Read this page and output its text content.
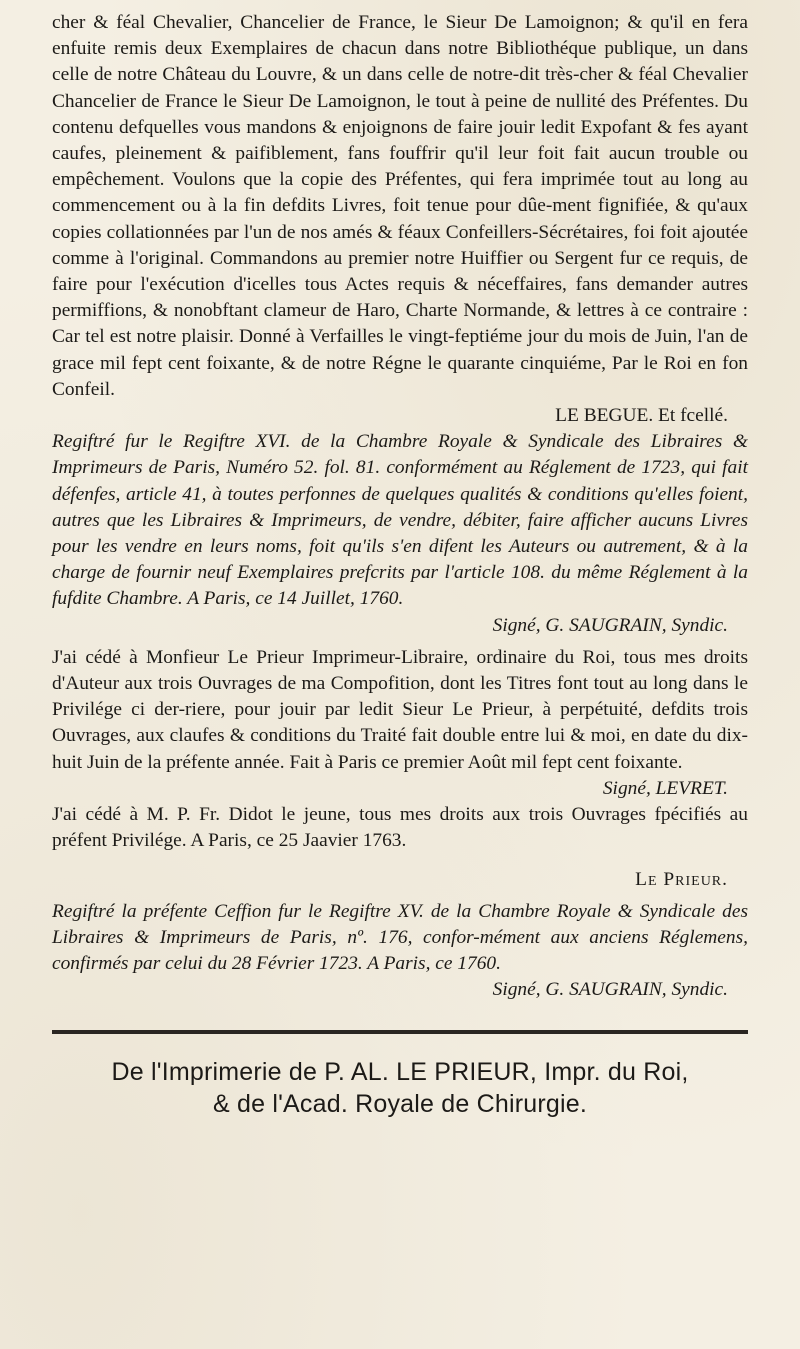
cher & féal Chevalier, Chancelier de France, le Sieur De Lamoignon; & qu'il en fera enfuite remis deux Exemplaires de chacun dans notre Bibliothéque publique, un dans celle de notre Château du Louvre, & un dans celle de notre-dit très-cher & féal Chevalier Chancelier de France le Sieur De Lamoignon, le tout à peine de nullité des Préfentes. Du contenu defquelles vous mandons & enjoignons de faire jouir ledit Expofant & fes ayant caufes, pleinement & paifiblement, fans fouffrir qu'il leur foit fait aucun trouble ou empêchement. Voulons que la copie des Préfentes, qui fera imprimée tout au long au commencement ou à la fin defdits Livres, foit tenue pour dûe-ment fignifiée, & qu'aux copies collationnées par l'un de nos amés & féaux Confeillers-Sécrétaires, foi foit ajoutée comme à l'original. Commandons au premier notre Huiffier ou Sergent fur ce requis, de faire pour l'exécution d'icelles tous Actes requis & néceffaires, fans demander autres permiffions, & nonobftant clameur de Haro, Charte Normande, & lettres à ce contraire : Car tel est notre plaisir. Donné à Verfailles le vingt-feptiéme jour du mois de Juin, l'an de grace mil fept cent foixante, & de notre Régne le quarante cinquiéme, Par le Roi en fon Confeil.

LE BEGUE. Et fcellé.

Regiftré fur le Regiftre XVI. de la Chambre Royale & Syndicale des Libraires & Imprimeurs de Paris, Numéro 52. fol. 81. conformément au Réglement de 1723, qui fait défenfes, article 41, à toutes perfonnes de quelques qualités & conditions qu'elles foient, autres que les Libraires & Imprimeurs, de vendre, débiter, faire afficher aucuns Livres pour les vendre en leurs noms, foit qu'ils s'en difent les Auteurs ou autrement, & à la charge de fournir neuf Exemplaires prefcrits par l'article 108. du même Réglement à la fufdite Chambre. A Paris, ce 14 Juillet, 1760.

Signé, G. SAUGRAIN, Syndic.

J'ai cédé à Monfieur Le Prieur Imprimeur-Libraire, ordinaire du Roi, tous mes droits d'Auteur aux trois Ouvrages de ma Compofition, dont les Titres font tout au long dans le Privilége ci der-riere, pour jouir par ledit Sieur Le Prieur, à perpétuité, defdits trois Ouvrages, aux claufes & conditions du Traité fait double entre lui & moi, en date du dix-huit Juin de la préfente année. Fait à Paris ce premier Août mil fept cent foixante.

Signé, LEVRET.

J'ai cédé à M. P. Fr. Didot le jeune, tous mes droits aux trois Ouvrages fpécifiés au préfent Privilége. A Paris, ce 25 Jaavier 1763.

Le Prieur.

Regiftré la préfente Ceffion fur le Regiftre XV. de la Chambre Royale & Syndicale des Libraires & Imprimeurs de Paris, nº. 176, confor-mément aux anciens Réglemens, confirmés par celui du 28 Février 1723. A Paris, ce 1760.

Signé, G. SAUGRAIN, Syndic.

De l'Imprimerie de P. AL. LE PRIEUR, Impr. du Roi,

& de l'Acad. Royale de Chirurgie.
